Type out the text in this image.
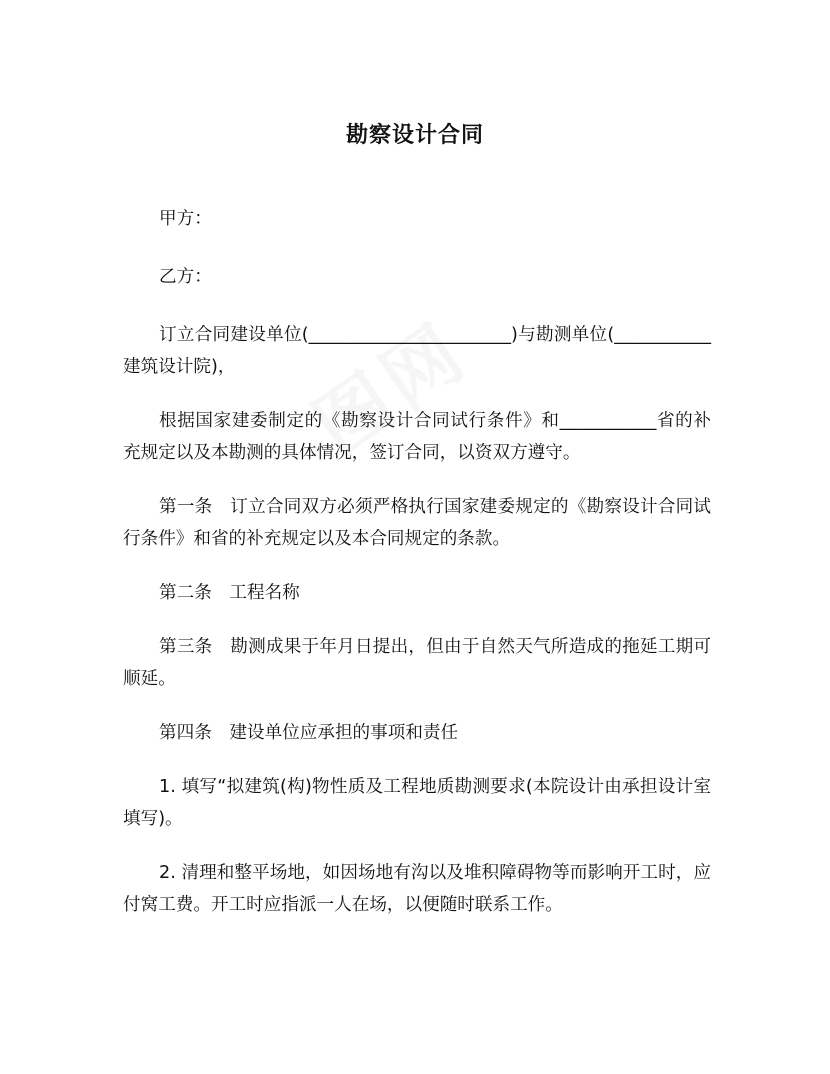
勘察设计合同

甲方：

乙方：

订立合同建设单位(_______________________)与勘测单位(___________建筑设计院)，

根据国家建委制定的《勘察设计合同试行条件》和___________省的补充规定以及本勘测的具体情况，签订合同，以资双方遵守。

第一条　订立合同双方必须严格执行国家建委规定的《勘察设计合同试行条件》和省的补充规定以及本合同规定的条款。

第二条　工程名称

第三条　勘测成果于年月日提出，但由于自然天气所造成的拖延工期可顺延。

第四条　建设单位应承担的事项和责任

1. 填写“拟建筑(构)物性质及工程地质勘测要求(本院设计由承担设计室填写)。

2. 清理和整平场地，如因场地有沟以及堆积障碍物等而影响开工时，应付窝工费。开工时应指派一人在场，以便随时联系工作。
